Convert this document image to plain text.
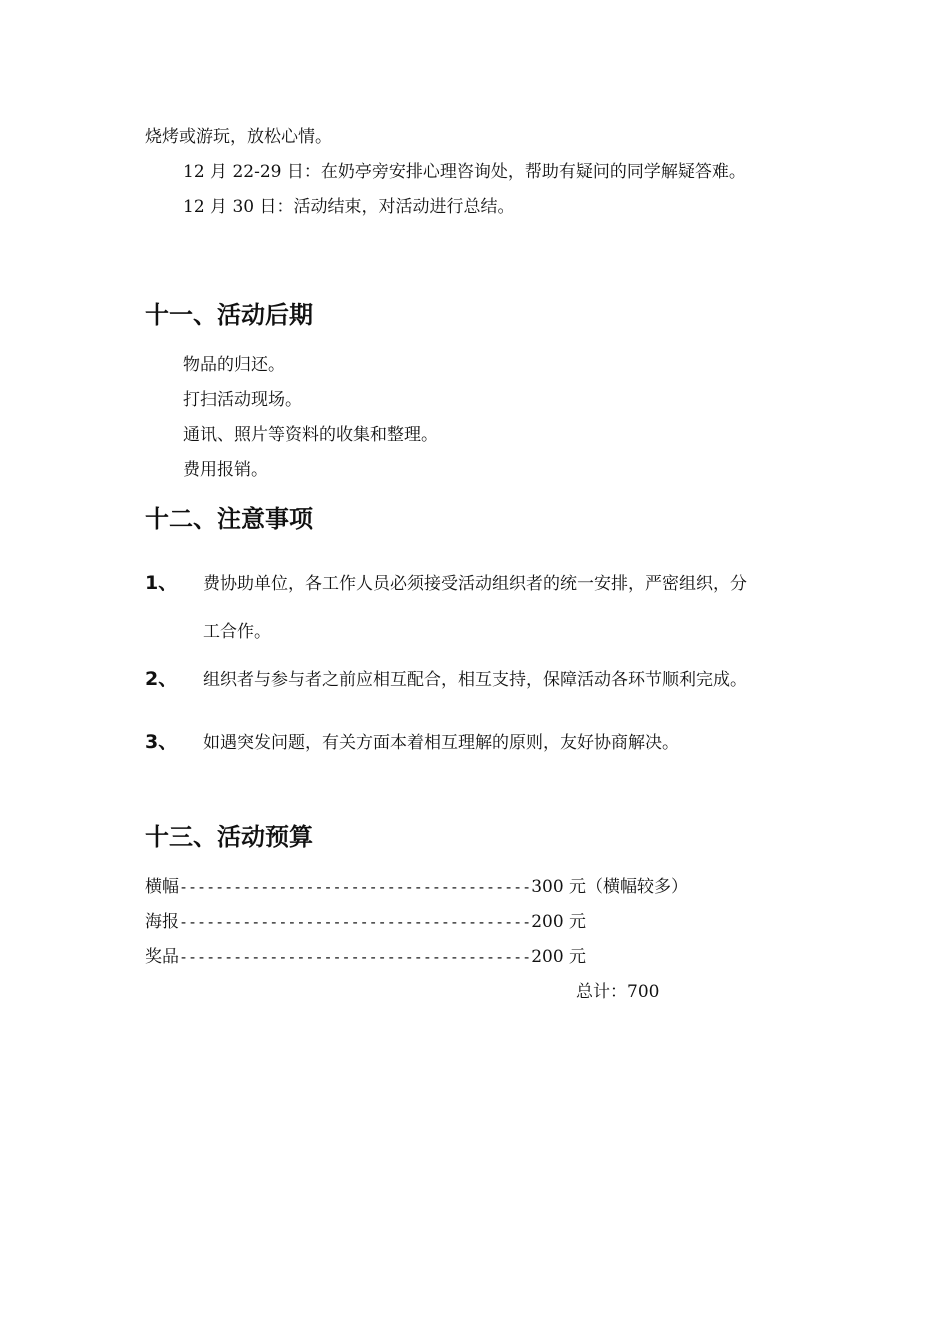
烧烤或游玩，放松心情。
12 月 22-29 日：在奶亭旁安排心理咨询处，帮助有疑问的同学解疑答难。
12 月 30 日：活动结束，对活动进行总结。
十一、活动后期
物品的归还。
打扫活动现场。
通讯、照片等资料的收集和整理。
费用报销。
十二、注意事项
1、 费协助单位，各工作人员必须接受活动组织者的统一安排，严密组织，分
工合作。
2、 组织者与参与者之前应相互配合，相互支持，保障活动各环节顺利完成。
3、 如遇突发问题，有关方面本着相互理解的原则，友好协商解决。
十三、活动预算
横幅---------------------------------------300 元（横幅较多）
海报---------------------------------------200 元
奖品---------------------------------------200 元
总计：700
